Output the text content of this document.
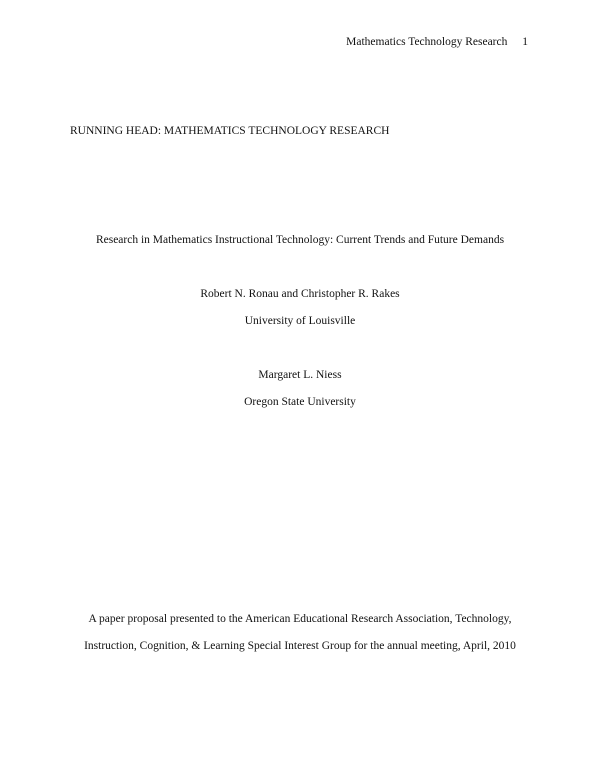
Mathematics Technology Research 1
RUNNING HEAD: MATHEMATICS TECHNOLOGY RESEARCH
Research in Mathematics Instructional Technology: Current Trends and Future Demands
Robert N. Ronau and Christopher R. Rakes
University of Louisville
Margaret L. Niess
Oregon State University
A paper proposal presented to the American Educational Research Association, Technology,
Instruction, Cognition, & Learning Special Interest Group for the annual meeting, April, 2010
